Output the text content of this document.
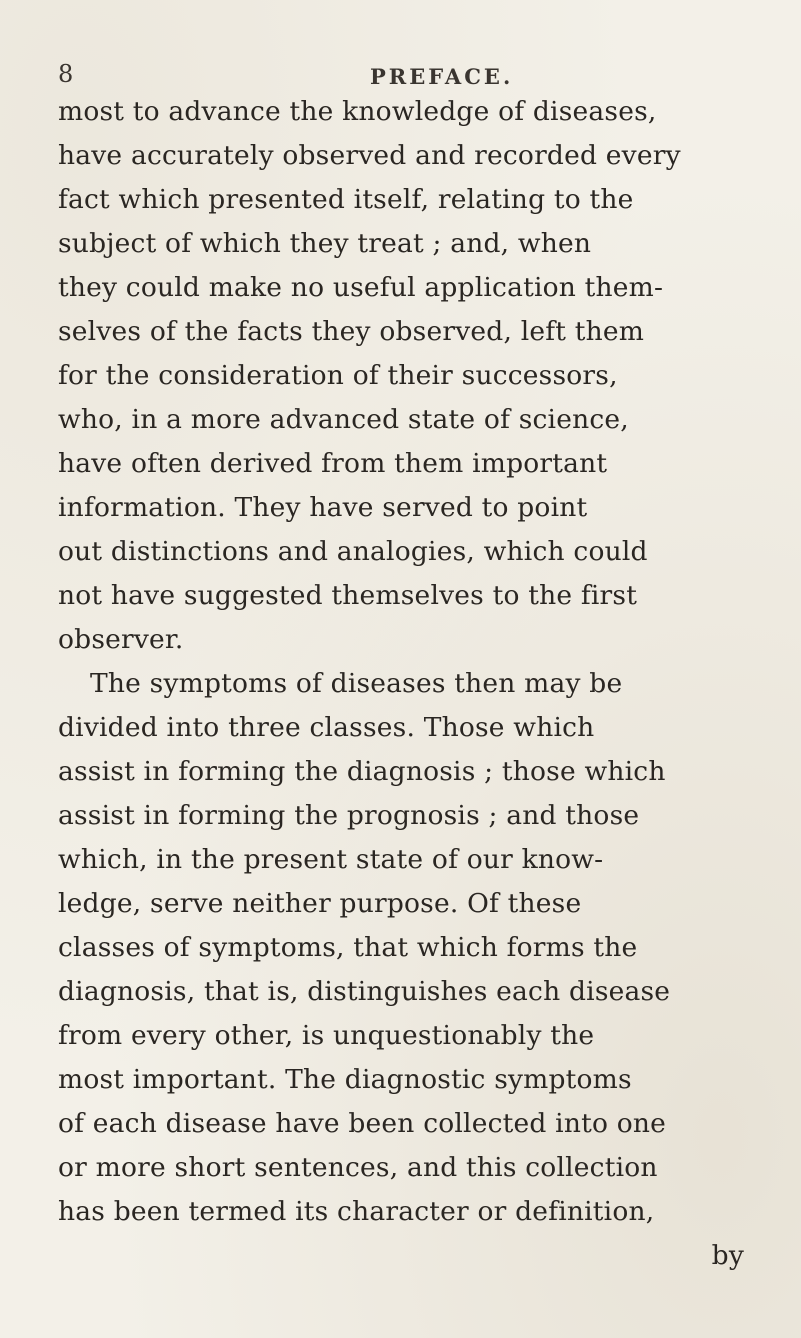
8	PREFACE.
most to advance the knowledge of diseases,
have accurately observed and recorded every
fact which presented itself, relating to the
subject of which they treat ; and, when
they could make no useful application them-
selves of the facts they observed, left them
for the consideration of their successors,
who, in a more advanced state of science,
have often derived from them important
information. They have served to point
out distinctions and analogies, which could
not have suggested themselves to the first
observer.
The symptoms of diseases then may be
divided into three classes. Those which
assist in forming the diagnosis ; those which
assist in forming the prognosis ; and those
which, in the present state of our know-
ledge, serve neither purpose. Of these
classes of symptoms, that which forms the
diagnosis, that is, distinguishes each disease
from every other, is unquestionably the
most important. The diagnostic symptoms
of each disease have been collected into one
or more short sentences, and this collection
has been termed its character or definition,
by
